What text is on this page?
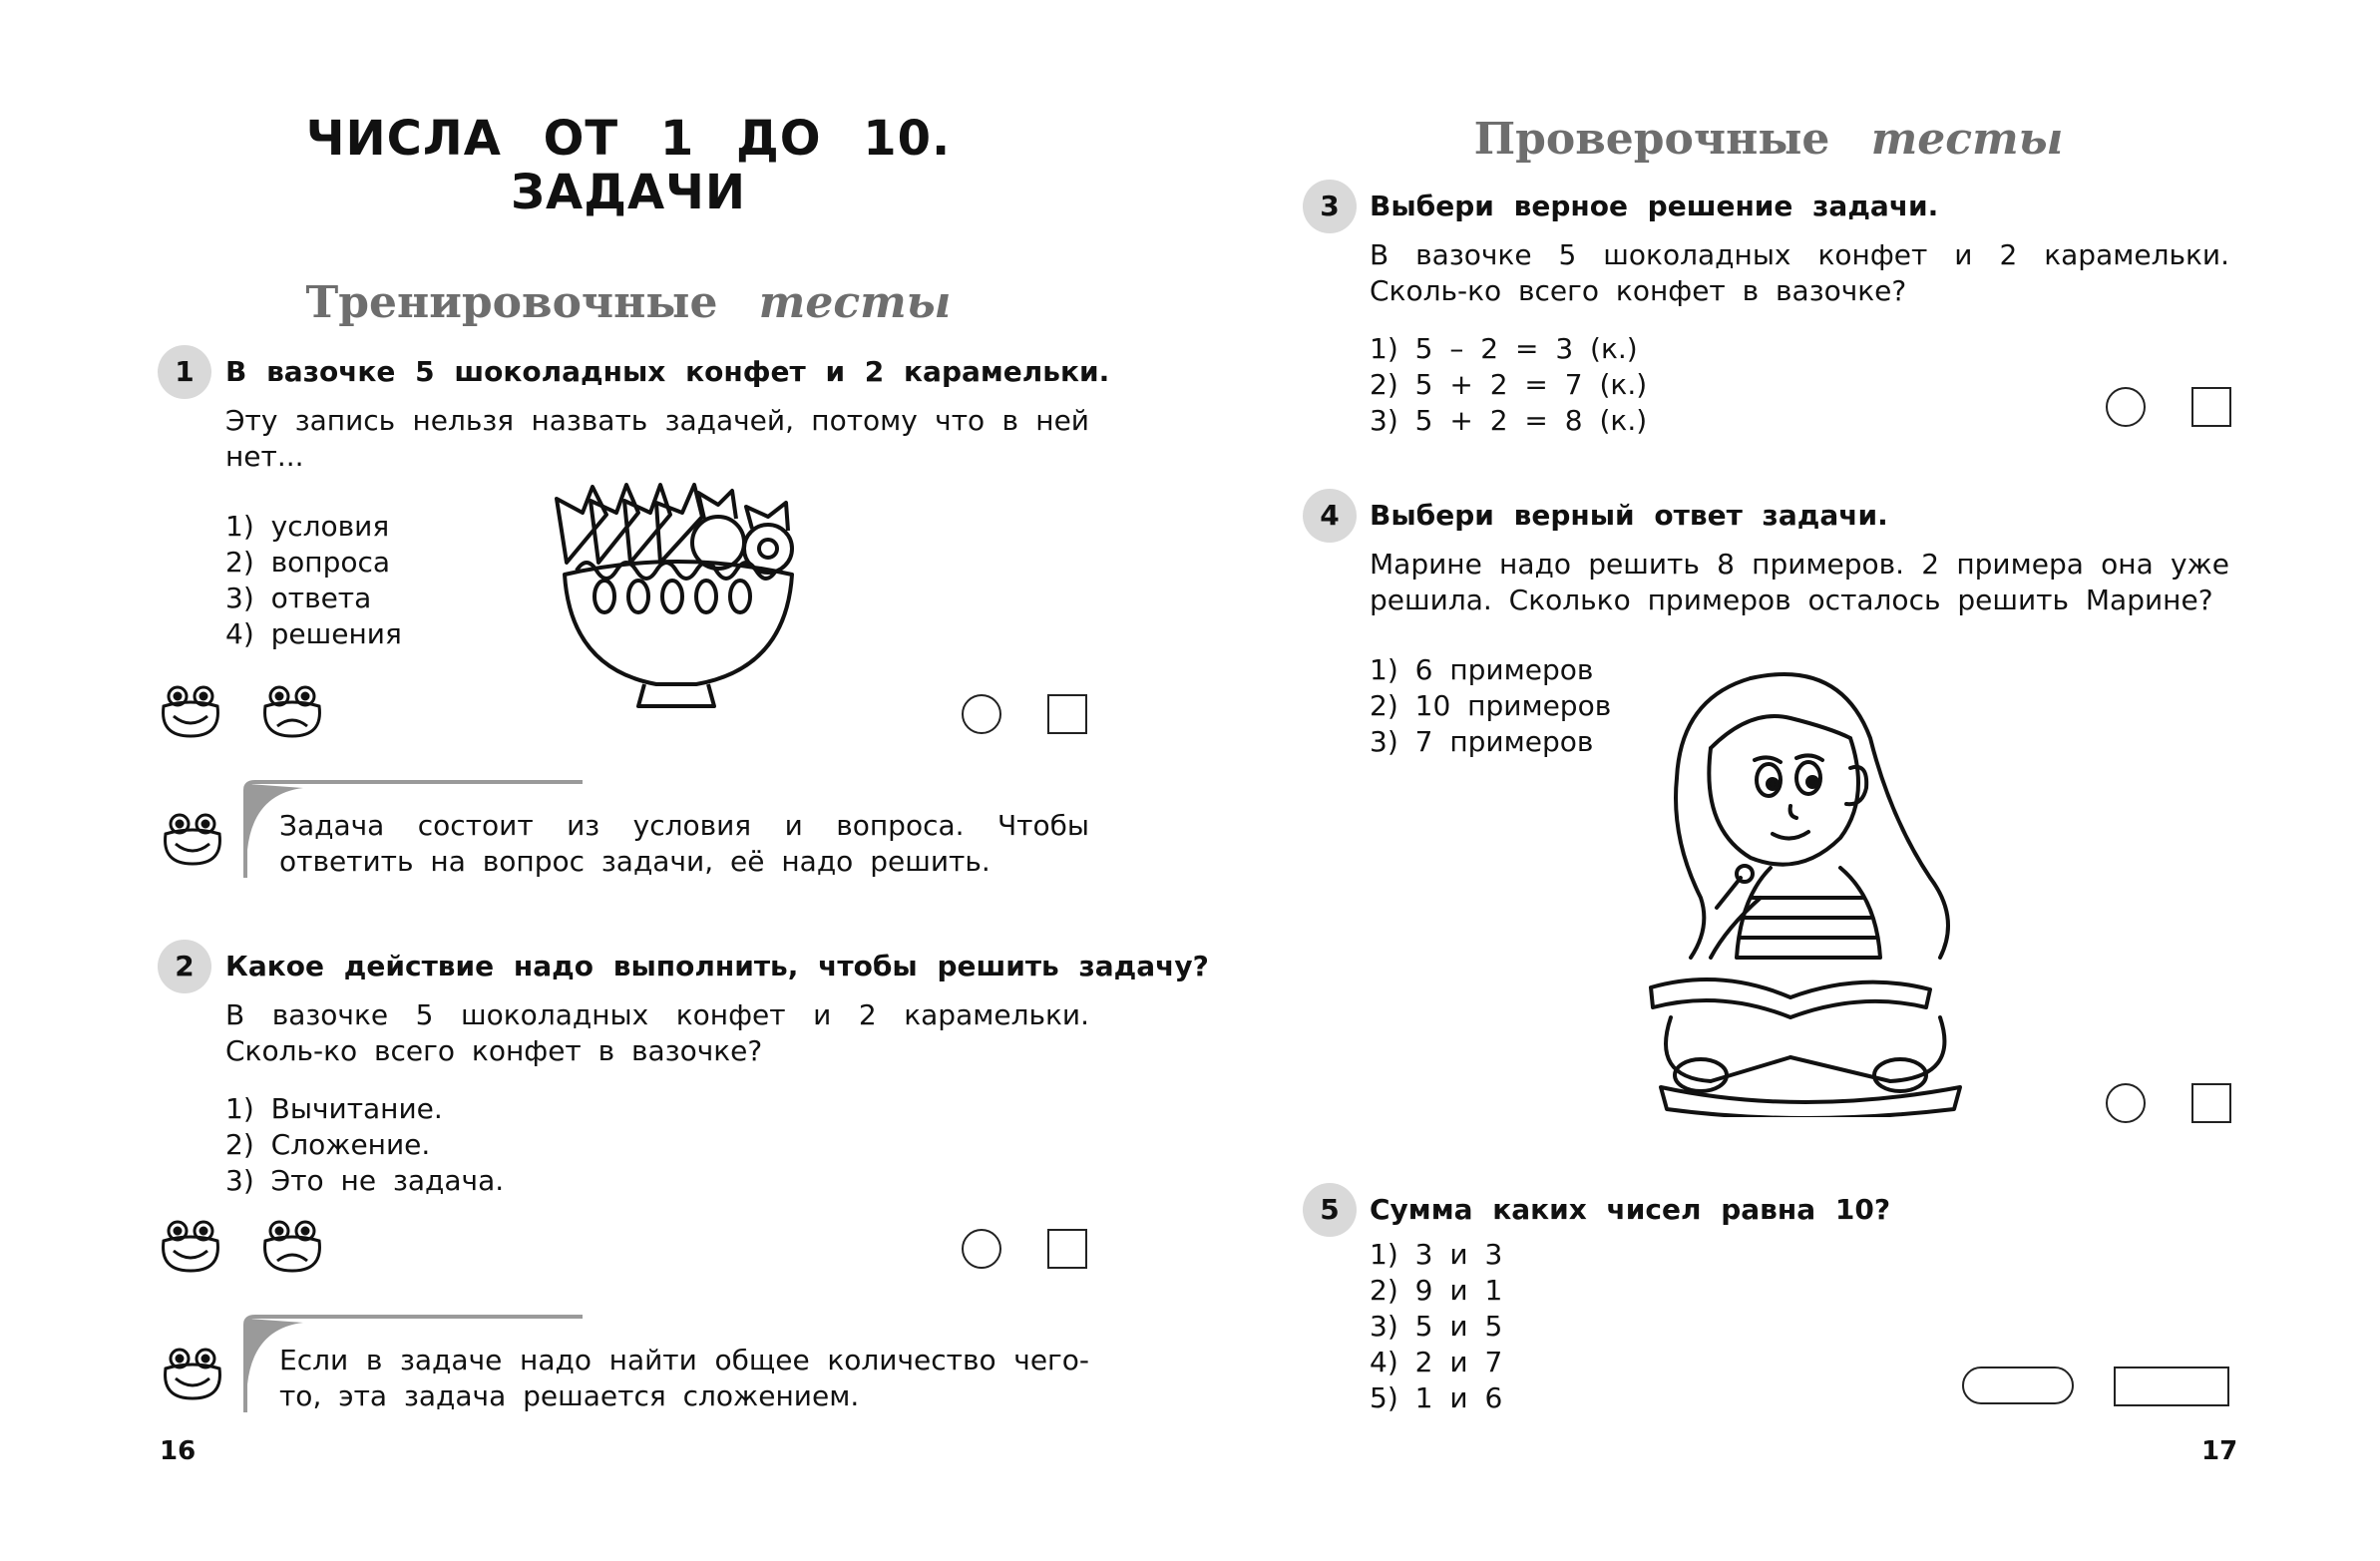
ЧИСЛА ОТ 1 ДО 10.
ЗАДАЧИ
Тренировочные тесты
1	В вазочке 5 шоколадных конфет и 2 карамельки.
Эту запись нельзя назвать задачей, потому что в ней нет...
1) условия
2) вопроса
3) ответа
4) решения
Задача состоит из условия и вопроса. Чтобы ответить на вопрос задачи, её надо решить.
2	Какое действие надо выполнить, чтобы решить задачу?
В вазочке 5 шоколадных конфет и 2 карамельки. Сколь-ко всего конфет в вазочке?
1) Вычитание.
2) Сложение.
3) Это не задача.
Если в задаче надо найти общее количество чего-то, эта задача решается сложением.
16
Проверочные тесты
3	Выбери верное решение задачи.
В вазочке 5 шоколадных конфет и 2 карамельки. Сколь-ко всего конфет в вазочке?
1) 5 – 2 = 3 (к.)
2) 5 + 2 = 7 (к.)
3) 5 + 2 = 8 (к.)
4	Выбери верный ответ задачи.
Марине надо решить 8 примеров. 2 примера она уже решила. Сколько примеров осталось решить Марине?
1) 6 примеров
2) 10 примеров
3) 7 примеров
5	Сумма каких чисел равна 10?
1) 3 и 3
2) 9 и 1
3) 5 и 5
4) 2 и 7
5) 1 и 6
17
